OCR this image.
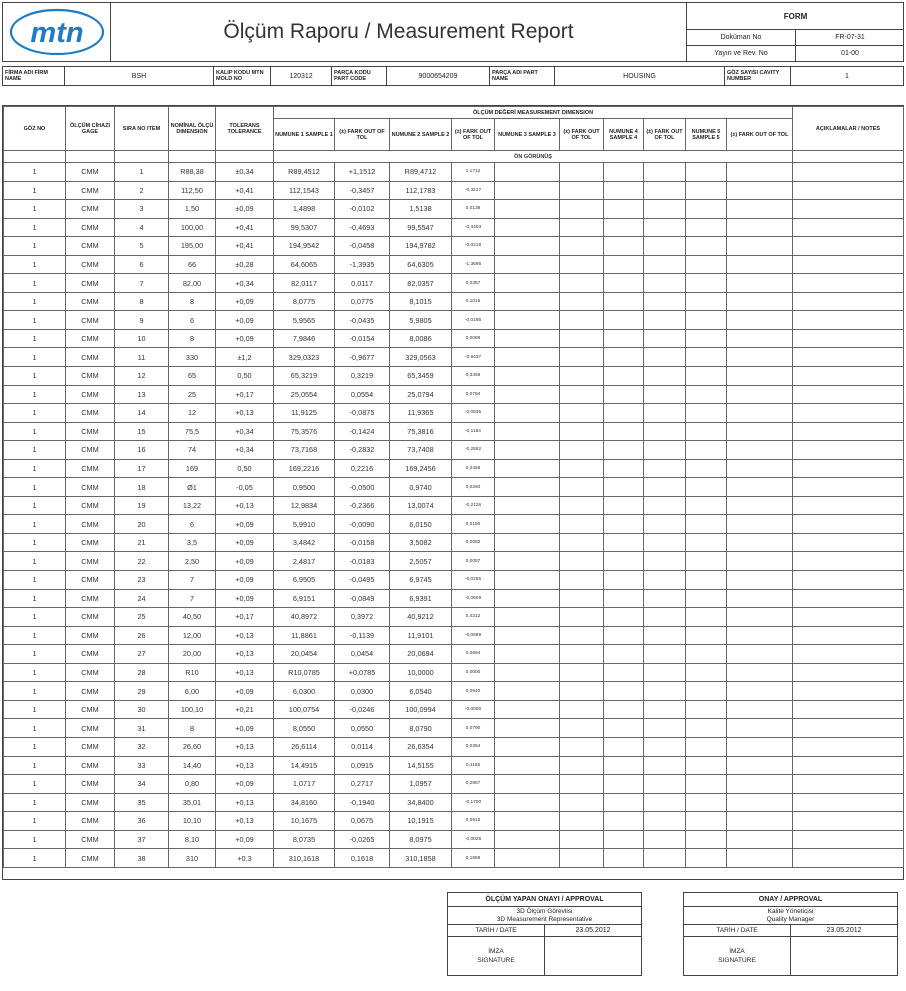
mtn	Ölçüm Raporu / Measurement Report
FORM
Doküman No	FR-07-31
Yayın ve Rev. No	01-00
FİRMA ADI FİRM NAME	BSH	KALIP KODU MTN MOLD NO	120312	PARÇA KODU PART CODE	9000654209	PARÇA ADI PART NAME	HOUSING	GÖZ SAYISI CAVITY NUMBER	1
GÖZ NO	ÖLÇÜM CİHAZI GAGE	SIRA NO ITEM	NOMİNAL ÖLÇÜ DIMENSION	TOLERANS TOLERANCE	ÖLÇÜM DEĞERİ MEASUREMENT DIMENSION										AÇIKLAMALAR / NOTES
					NUMUNE 1 SAMPLE 1	(±) FARK OUT OF TOL	NUMUNE 2 SAMPLE 2	(±) FARK OUT OF TOL	NUMUNE 3 SAMPLE 3	(±) FARK OUT OF TOL	NUMUNE 4 SAMPLE 4	(±) FARK OUT OF TOL	NUMUNE 5 SAMPLE 5	(±) FARK OUT OF TOL	
					ÖN GÖRÜNÜŞ										
1	CMM	1	R88,38	±0,34	R89,4512	+1,1512	R89,4712	1,1712							
1	CMM	2	112,50	+0,41	112,1543	-0,3457	112,1783	-0,3217							
1	CMM	3	1,50	±0,09	1,4898	-0,0102	1,5138	0,0138							
1	CMM	4	100,00	+0,41	99,5307	-0,4693	99,5547	-0,4453							
1	CMM	5	195,00	+0,41	194,9542	-0,0458	194,9782	-0,0218							
1	CMM	6	66	±0,28	64,6065	-1,3935	64,6305	-1,3695							
1	CMM	7	82,00	+0,34	82,0117	0,0117	82,0357	0,0357							
1	CMM	8	8	+0,09	8,0775	0,0775	8,1015	0,1015							
1	CMM	9	6	+0,09	5,9565	-0,0435	5,9805	-0,0195							
1	CMM	10	8	+0,09	7,9846	-0,0154	8,0086	0,0086							
1	CMM	11	330	±1,2	329,0323	-0,9677	329,0563	-0,9437							
1	CMM	12	65	0,50	65,3219	0,3219	65,3459	0,3459							
1	CMM	13	25	+0,17	25,0554	0,0554	25,0794	0,0794							
1	CMM	14	12	+0,13	11,9125	-0,0875	11,9365	-0,0635							
1	CMM	15	75,5	+0,34	75,3576	-0,1424	75,3816	-0,1184							
1	CMM	16	74	+0,34	73,7168	-0,2832	73,7408	-0,2592							
1	CMM	17	169	0,50	169,2216	0,2216	169,2456	0,2456							
1	CMM	18	Ø1	-0,05	0,9500	-0,0500	0,9740	0,0260							
1	CMM	19	13,22	+0,13	12,9834	-0,2366	13,0074	-0,2126							
1	CMM	20	6	+0,09	5,9910	-0,0090	6,0150	0,0150							
1	CMM	21	3,5	+0,09	3,4842	-0,0158	3,5082	0,0082							
1	CMM	22	2,50	+0,09	2,4817	-0,0183	2,5057	0,0057							
1	CMM	23	7	+0,09	6,9505	-0,0495	6,9745	-0,0255							
1	CMM	24	7	+0,09	6,9151	-0,0849	6,9391	-0,0609							
1	CMM	25	40,50	+0,17	40,8972	0,3972	40,9212	0,4212							
1	CMM	26	12,00	+0,13	11,8861	-0,1139	11,9101	-0,0899							
1	CMM	27	20,00	+0,13	20,0454	0,0454	20,0694	0,0694							
1	CMM	28	R10	+0,13	R10,0785	+0,0785	10,0000	0,0000							
1	CMM	29	6,00	+0,09	6,0300	0,0300	6,0540	0,0540							
1	CMM	30	100,10	+0,21	100,0754	-0,0246	100,0994	-0,0006							
1	CMM	31	8	+0,09	8,0550	0,0550	8,0790	0,0790							
1	CMM	32	26,60	+0,13	26,6114	0,0114	26,6354	0,0354							
1	CMM	33	14,40	+0,13	14,4915	0,0915	14,5155	0,1155							
1	CMM	34	0,80	+0,09	1,0717	0,2717	1,0957	0,2957							
1	CMM	35	35,01	+0,13	34,8160	-0,1940	34,8400	-0,1700							
1	CMM	36	10,10	+0,13	10,1675	0,0675	10,1915	0,0915							
1	CMM	37	8,10	+0,09	8,0735	-0,0265	8,0975	-0,0025							
1	CMM	38	310	+0.3	310,1618	0,1618	310,1858	0,1858							
ÖLÇÜM YAPAN ONAYI / APPROVAL
3D Ölçüm Görevlisi
3D Measurement Representative
TARİH / DATE	23.05.2012
İMZA
SIGNATURE
ONAY / APPROVAL
Kalite Yöneticisi
Quality Manager
TARİH / DATE	23.05.2012
İMZA
SIGNATURE
